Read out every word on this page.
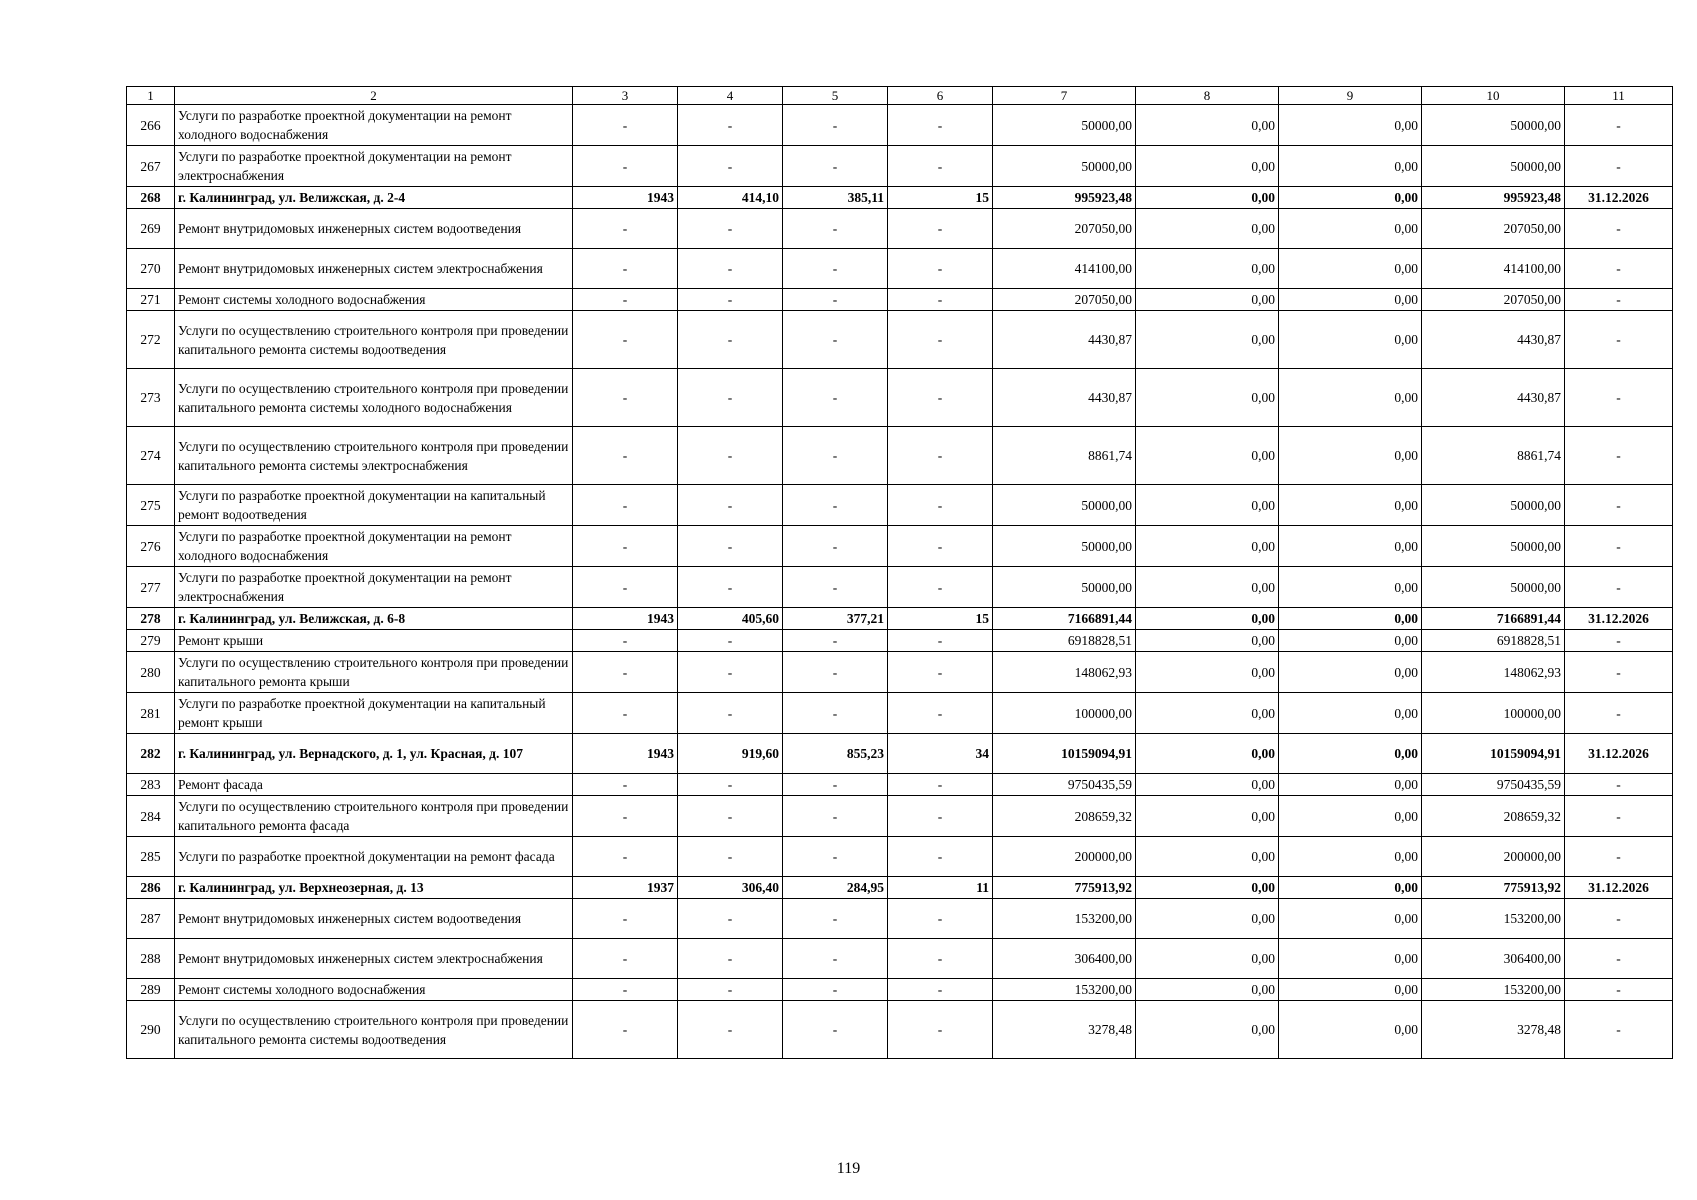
1	2	3	4	5	6	7	8	9	10	11
266	Услуги по разработке проектной документации на ремонт холодного водоснабжения	-	-	-	-	50000,00	0,00	0,00	50000,00	-
267	Услуги по разработке проектной документации на ремонт электроснабжения	-	-	-	-	50000,00	0,00	0,00	50000,00	-
268	г. Калининград, ул. Велижская, д. 2-4	1943	414,10	385,11	15	995923,48	0,00	0,00	995923,48	31.12.2026
269	Ремонт внутридомовых инженерных систем водоотведения	-	-	-	-	207050,00	0,00	0,00	207050,00	-
270	Ремонт внутридомовых инженерных систем электроснабжения	-	-	-	-	414100,00	0,00	0,00	414100,00	-
271	Ремонт системы холодного водоснабжения	-	-	-	-	207050,00	0,00	0,00	207050,00	-
272	Услуги по осуществлению строительного контроля при проведении капитального ремонта системы водоотведения	-	-	-	-	4430,87	0,00	0,00	4430,87	-
273	Услуги по осуществлению строительного контроля при проведении капитального ремонта системы холодного водоснабжения	-	-	-	-	4430,87	0,00	0,00	4430,87	-
274	Услуги по осуществлению строительного контроля при проведении капитального ремонта системы электроснабжения	-	-	-	-	8861,74	0,00	0,00	8861,74	-
275	Услуги по разработке проектной документации на капитальный ремонт водоотведения	-	-	-	-	50000,00	0,00	0,00	50000,00	-
276	Услуги по разработке проектной документации на ремонт холодного водоснабжения	-	-	-	-	50000,00	0,00	0,00	50000,00	-
277	Услуги по разработке проектной документации на ремонт электроснабжения	-	-	-	-	50000,00	0,00	0,00	50000,00	-
278	г. Калининград, ул. Велижская, д. 6-8	1943	405,60	377,21	15	7166891,44	0,00	0,00	7166891,44	31.12.2026
279	Ремонт крыши	-	-	-	-	6918828,51	0,00	0,00	6918828,51	-
280	Услуги по осуществлению строительного контроля при проведении капитального ремонта крыши	-	-	-	-	148062,93	0,00	0,00	148062,93	-
281	Услуги по разработке проектной документации на капитальный ремонт крыши	-	-	-	-	100000,00	0,00	0,00	100000,00	-
282	г. Калининград, ул. Вернадского, д. 1, ул. Красная, д. 107	1943	919,60	855,23	34	10159094,91	0,00	0,00	10159094,91	31.12.2026
283	Ремонт фасада	-	-	-	-	9750435,59	0,00	0,00	9750435,59	-
284	Услуги по осуществлению строительного контроля при проведении капитального ремонта фасада	-	-	-	-	208659,32	0,00	0,00	208659,32	-
285	Услуги по разработке проектной документации на ремонт фасада	-	-	-	-	200000,00	0,00	0,00	200000,00	-
286	г. Калининград, ул. Верхнеозерная, д. 13	1937	306,40	284,95	11	775913,92	0,00	0,00	775913,92	31.12.2026
287	Ремонт внутридомовых инженерных систем водоотведения	-	-	-	-	153200,00	0,00	0,00	153200,00	-
288	Ремонт внутридомовых инженерных систем электроснабжения	-	-	-	-	306400,00	0,00	0,00	306400,00	-
289	Ремонт системы холодного водоснабжения	-	-	-	-	153200,00	0,00	0,00	153200,00	-
290	Услуги по осуществлению строительного контроля при проведении капитального ремонта системы водоотведения	-	-	-	-	3278,48	0,00	0,00	3278,48	-
119
